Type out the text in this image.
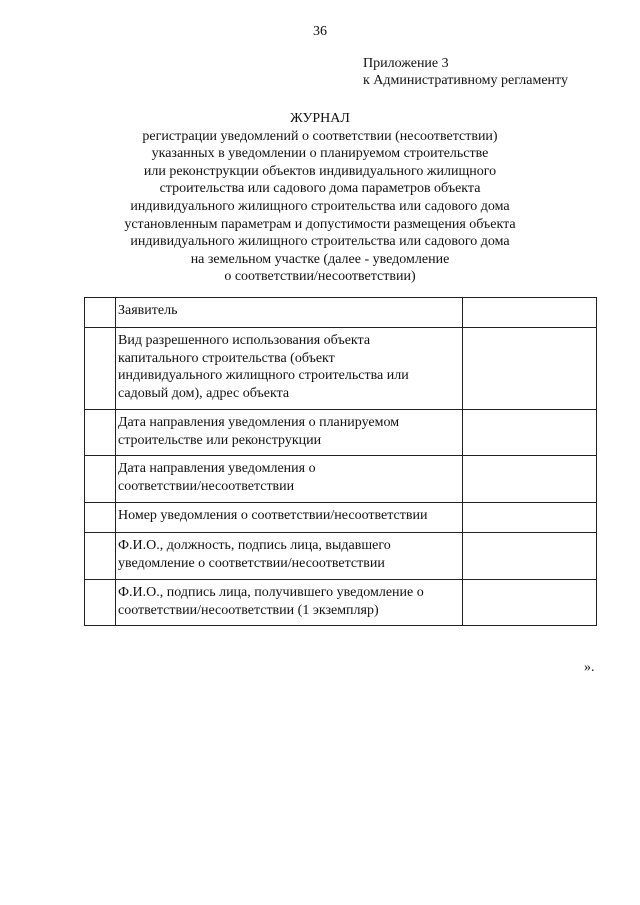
36
Приложение 3
к Административному регламенту
ЖУРНАЛ
регистрации уведомлений о соответствии (несоответствии)
указанных в уведомлении о планируемом строительстве
или реконструкции объектов индивидуального жилищного
строительства или садового дома параметров объекта
индивидуального жилищного строительства или садового дома
установленным параметрам и допустимости размещения объекта
индивидуального жилищного строительства или садового дома
на земельном участке (далее - уведомление
о соответствии/несоответствии)

	Заявитель	

	Вид разрешенного использования объекта
капитального строительства (объект
индивидуального жилищного строительства или
садовый дом), адрес объекта	

	Дата направления уведомления о планируемом
строительстве или реконструкции	

	Дата направления уведомления о
соответствии/несоответствии	

	Номер уведомления о соответствии/несоответствии	

	Ф.И.О., должность, подпись лица, выдавшего
уведомление о соответствии/несоответствии	

	Ф.И.О., подпись лица, получившего уведомление о
соответствии/несоответствии (1 экземпляр)	

».
